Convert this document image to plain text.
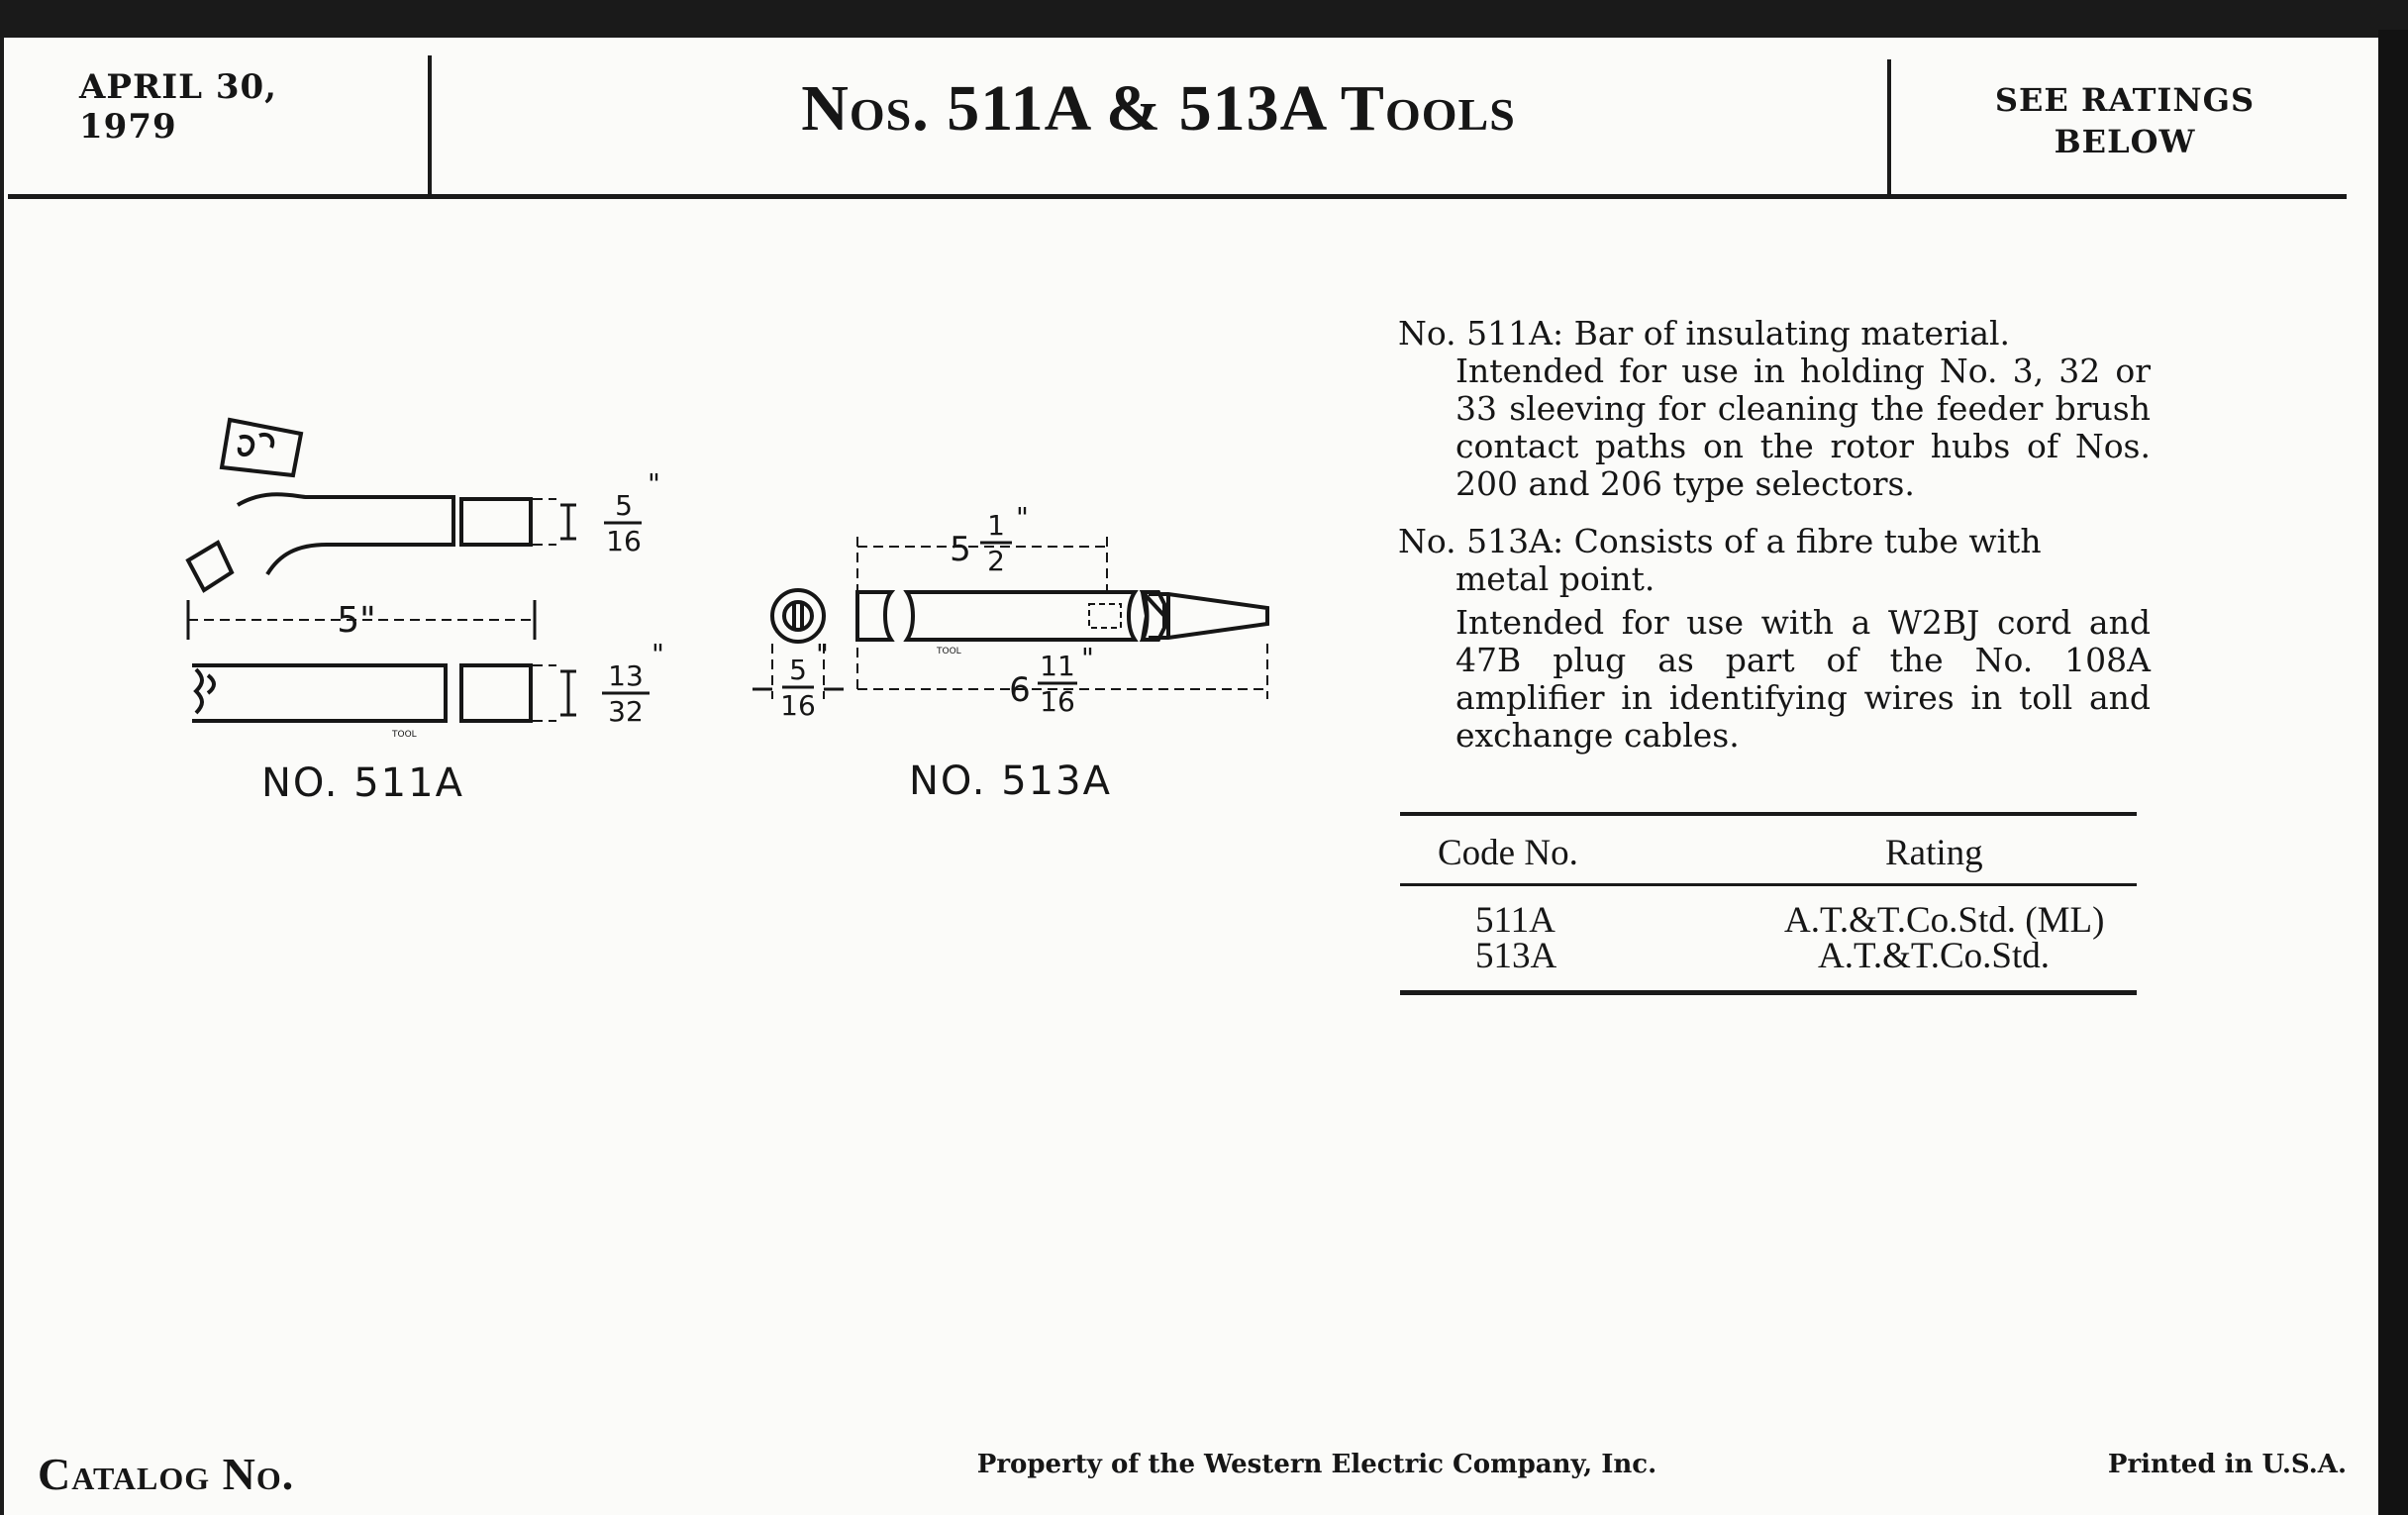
APRIL 30, 1979	Nos. 511A & 513A Tools	SEE RATINGS
BELOW
5"
5
16
"
13
32
"
TOOL
NO. 511A
5
1
2
"
6
11
16
"
5
16
"	TOOL
NO. 513A

No. 511A: Bar of insulating material.

Intended for use in holding No. 3, 32 or 33 sleeving for cleaning the feeder brush contact paths on the rotor hubs of Nos. 200 and 206 type selectors.

No. 513A: Consists of a fibre tube with

metal point.

Intended for use with a W2BJ cord and 47B plug as part of the No. 108A amplifier in identifying wires in toll and exchange cables.

Code No.	Rating
511A	A.T.&T.Co.Std. (ML)
513A	A.T.&T.Co.Std.
Catalog No.	Property of the Western Electric Company, Inc.	Printed in U.S.A.
